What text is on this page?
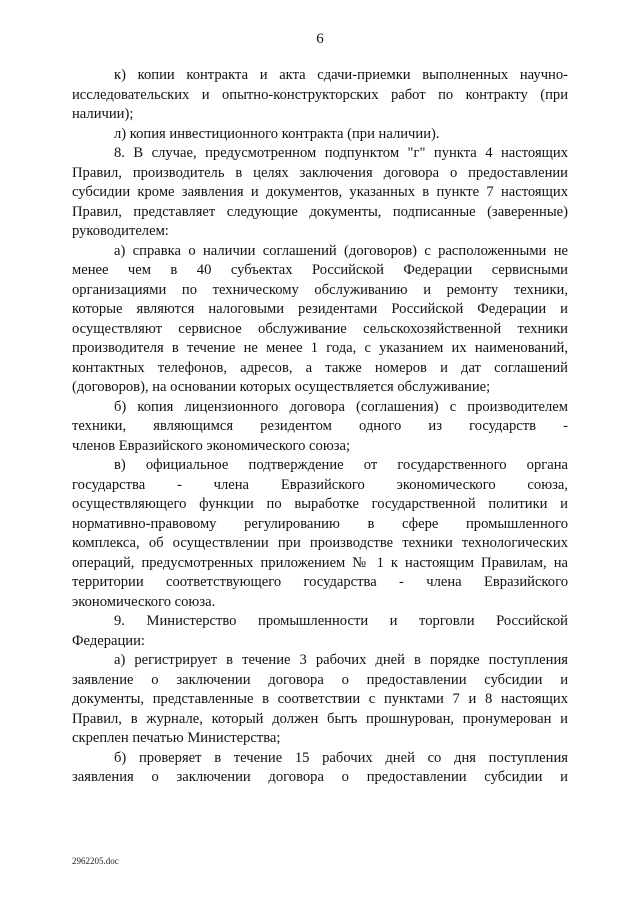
6
к) копии контракта и акта сдачи-приемки выполненных научно-
исследовательских и опытно-конструкторских работ по контракту (при
наличии);
л) копия инвестиционного контракта (при наличии).
8. В случае, предусмотренном подпунктом "г" пункта 4 настоящих
Правил, производитель в целях заключения договора о предоставлении
субсидии кроме заявления и документов, указанных в пункте 7 настоящих
Правил, представляет следующие документы, подписанные (заверенные)
руководителем:
а) справка о наличии соглашений (договоров) с расположенными не
менее чем в 40 субъектах Российской Федерации сервисными
организациями по техническому обслуживанию и ремонту техники,
которые являются налоговыми резидентами Российской Федерации и
осуществляют сервисное обслуживание сельскохозяйственной техники
производителя в течение не менее 1 года, с указанием их наименований,
контактных телефонов, адресов, а также номеров и дат соглашений
(договоров), на основании которых осуществляется обслуживание;
б) копия лицензионного договора (соглашения) с производителем
техники, являющимся резидентом одного из государств -
членов Евразийского экономического союза;
в) официальное подтверждение от государственного органа
государства - члена Евразийского экономического союза,
осуществляющего функции по выработке государственной политики и
нормативно-правовому регулированию в сфере промышленного
комплекса, об осуществлении при производстве техники технологических
операций, предусмотренных приложением № 1 к настоящим Правилам, на
территории соответствующего государства - члена Евразийского
экономического союза.
9. Министерство промышленности и торговли Российской
Федерации:
а) регистрирует в течение 3 рабочих дней в порядке поступления
заявление о заключении договора о предоставлении субсидии и
документы, представленные в соответствии с пунктами 7 и 8 настоящих
Правил, в журнале, который должен быть прошнурован, пронумерован и
скреплен печатью Министерства;
б) проверяет в течение 15 рабочих дней со дня поступления
заявления о заключении договора о предоставлении субсидии и
2962205.doc
